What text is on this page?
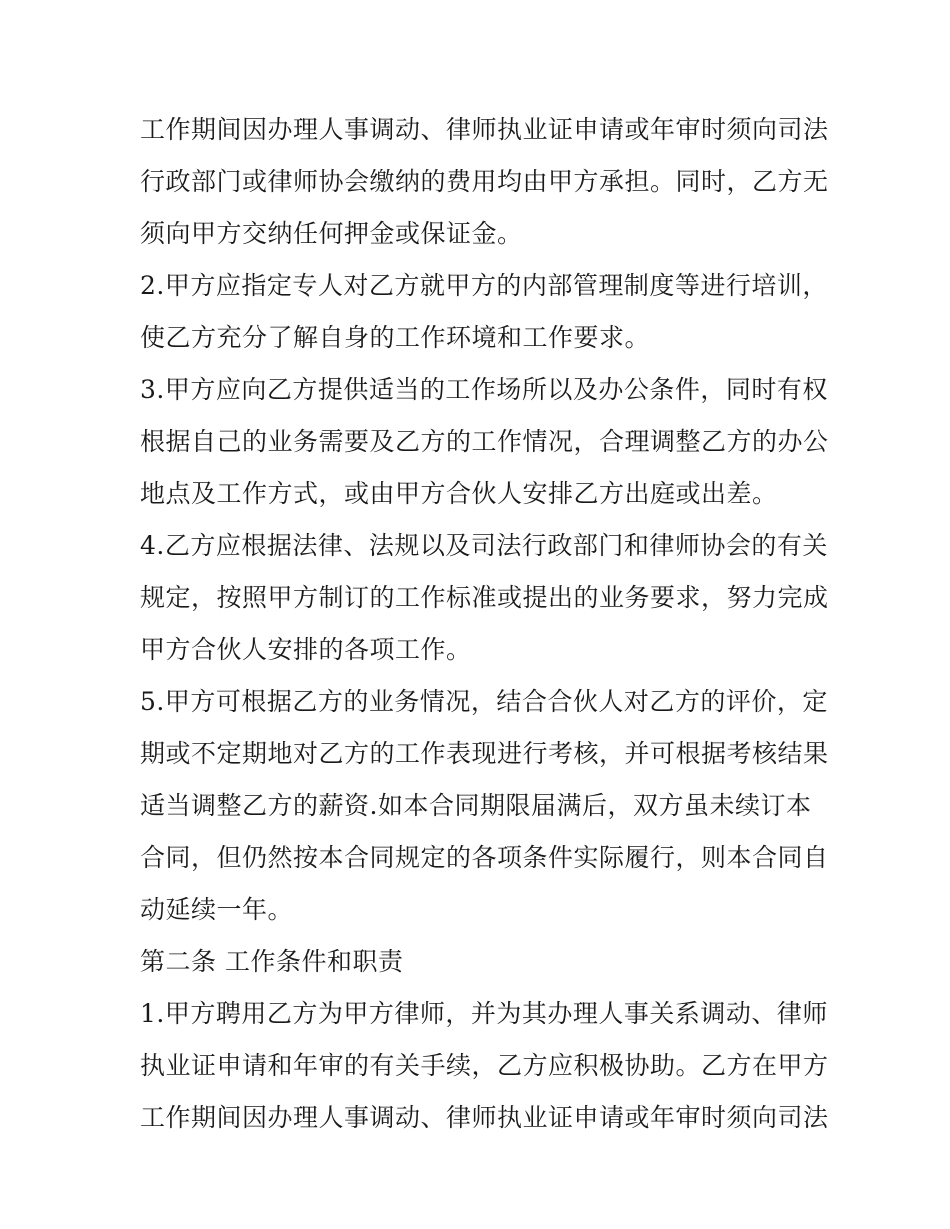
工作期间因办理人事调动、律师执业证申请或年审时须向司法
行政部门或律师协会缴纳的费用均由甲方承担。同时，乙方无
须向甲方交纳任何押金或保证金。
2.甲方应指定专人对乙方就甲方的内部管理制度等进行培训，
使乙方充分了解自身的工作环境和工作要求。
3.甲方应向乙方提供适当的工作场所以及办公条件，同时有权
根据自己的业务需要及乙方的工作情况，合理调整乙方的办公
地点及工作方式，或由甲方合伙人安排乙方出庭或出差。
4.乙方应根据法律、法规以及司法行政部门和律师协会的有关
规定，按照甲方制订的工作标准或提出的业务要求，努力完成
甲方合伙人安排的各项工作。
5.甲方可根据乙方的业务情况，结合合伙人对乙方的评价，定
期或不定期地对乙方的工作表现进行考核，并可根据考核结果
适当调整乙方的薪资.如本合同期限届满后，双方虽未续订本
合同，但仍然按本合同规定的各项条件实际履行，则本合同自
动延续一年。
第二条 工作条件和职责
1.甲方聘用乙方为甲方律师，并为其办理人事关系调动、律师
执业证申请和年审的有关手续，乙方应积极协助。乙方在甲方
工作期间因办理人事调动、律师执业证申请或年审时须向司法
